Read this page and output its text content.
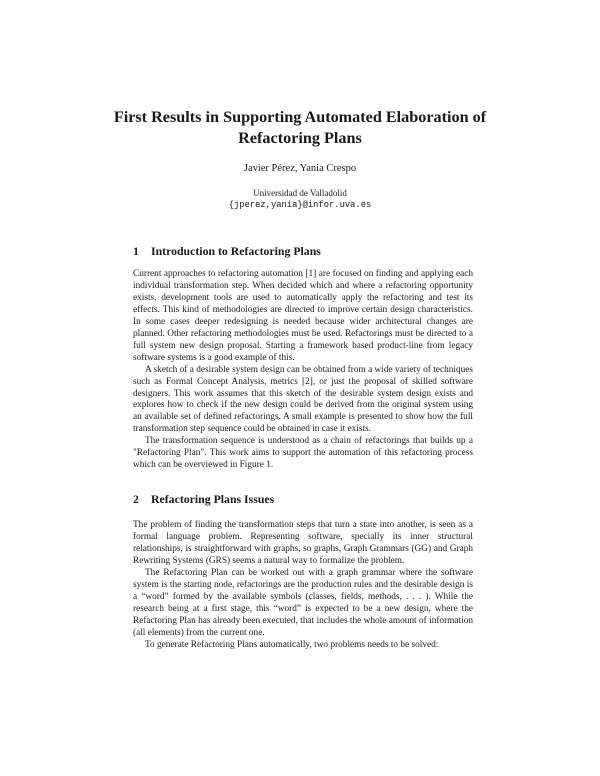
First Results in Supporting Automated Elaboration of
Refactoring Plans
Javier Pérez, Yania Crespo
Universidad de Valladolid
{jperez,yania}@infor.uva.es
1 Introduction to Refactoring Plans

Current approaches to refactoring automation [1] are focused on finding and applying each individual transformation step. When decided which and where a refactoring opportunity exists, development tools are used to automatically apply the refactoring and test its effects. This kind of methodologies are directed to improve certain design characteristics. In some cases deeper redesigning is needed because wider architectural changes are planned. Other refactoring methodologies must be used. Refactorings must be directed to a full system new design proposal. Starting a framework based product-line from legacy software systems is a good example of this.

A sketch of a desirable system design can be obtained from a wide variety of techniques such as Formal Concept Analysis, metrics [2], or just the proposal of skilled software designers. This work assumes that this sketch of the desirable system design exists and explores how to check if the new design could be derived from the original system using an available set of defined refactorings. A small example is presented to show how the full transformation step sequence could be obtained in case it exists.

The transformation sequence is understood as a chain of refactorings that builds up a "Refactoring Plan". This work aims to support the automation of this refactoring process which can be overviewed in Figure 1.

2 Refactoring Plans Issues

The problem of finding the transformation steps that turn a state into another, is seen as a formal language problem. Representing software, specially its inner structural relationships, is straightforward with graphs, so graphs, Graph Grammars (GG) and Graph Rewriting Systems (GRS) seems a natural way to formalize the problem.

The Refactoring Plan can be worked out with a graph grammar where the software system is the starting node, refactorings are the production rules and the desirable design is a “word” formed by the available symbols (classes, fields, methods, . . . ). While the research being at a first stage, this “word” is expected to be a new design, where the Refactoring Plan has already been executed, that includes the whole amount of information (all elements) from the current one.

To generate Refactoring Plans automatically, two problems needs to be solved:
